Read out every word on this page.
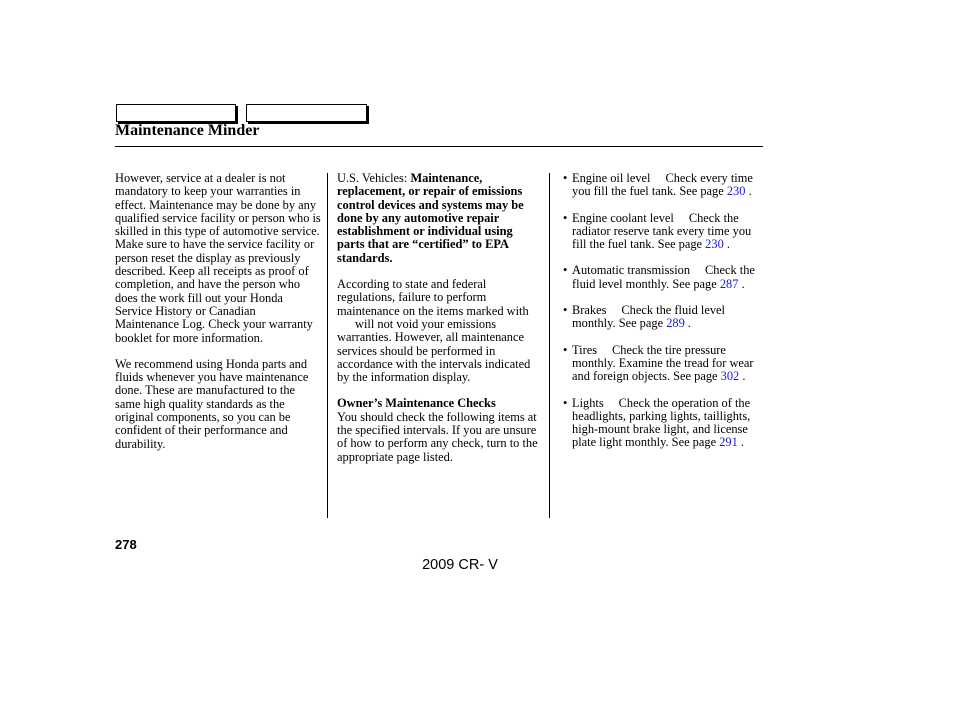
Maintenance Minder

However, service at a dealer is not mandatory to keep your warranties in effect. Maintenance may be done by any qualified service facility or person who is skilled in this type of automotive service. Make sure to have the service facility or person reset the display as previously described. Keep all receipts as proof of completion, and have the person who does the work fill out your Honda Service History or Canadian Maintenance Log. Check your warranty booklet for more information.

We recommend using Honda parts and fluids whenever you have maintenance done. These are manufactured to the same high quality standards as the original components, so you can be confident of their performance and durability.

U.S. Vehicles: Maintenance, replacement, or repair of emissions control devices and systems may be done by any automotive repair establishment or individual using parts that are “certified” to EPA standards.

According to state and federal regulations, failure to perform maintenance on the items marked with will not void your emissions warranties. However, all maintenance services should be performed in accordance with the intervals indicated by the information display.

Owner’s Maintenance Checks

You should check the following items at the specified intervals. If you are unsure of how to perform any check, turn to the appropriate page listed.

• Engine oil level Check every time you fill the fuel tank. See page 230 .

• Engine coolant level Check the radiator reserve tank every time you fill the fuel tank. See page 230 .

• Automatic transmission Check the fluid level monthly. See page 287 .

• Brakes Check the fluid level monthly. See page 289 .

• Tires Check the tire pressure monthly. Examine the tread for wear and foreign objects. See page 302 .

• Lights Check the operation of the headlights, parking lights, taillights, high-mount brake light, and license plate light monthly. See page 291 .

278
2009 CR- V
